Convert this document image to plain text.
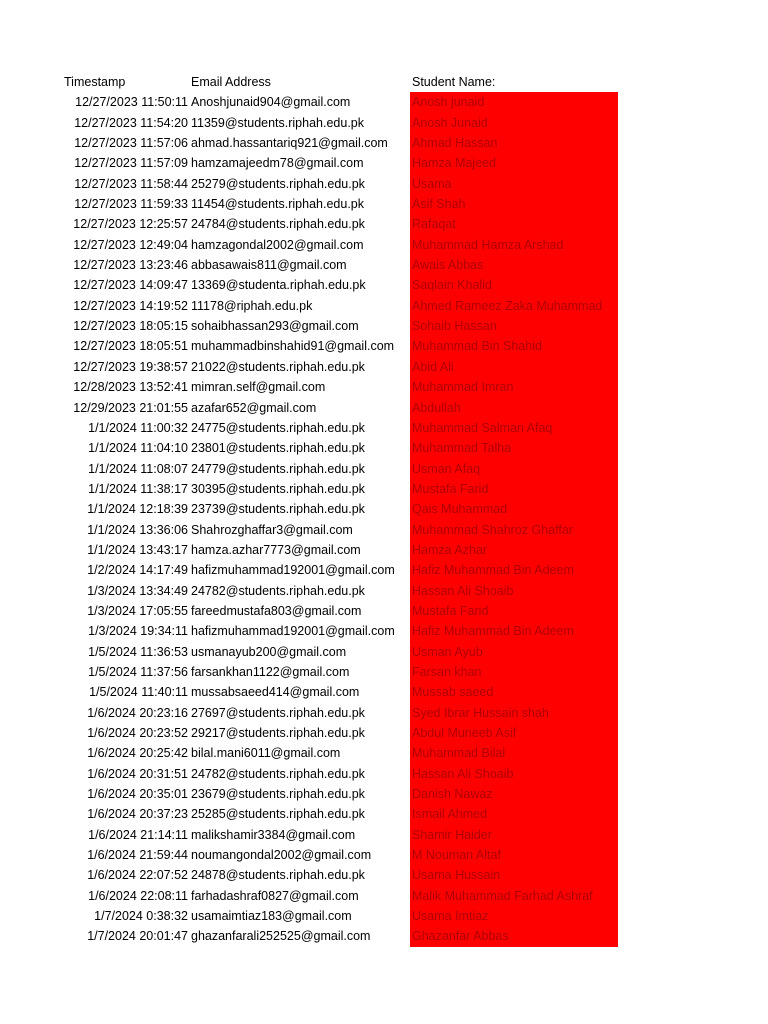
Timestamp	Email Address	Student Name:
12/27/2023 11:50:11 Anoshjunaid904@gmail.com	Anosh junaid
12/27/2023 11:54:20 11359@students.riphah.edu.pk	Anosh Junaid
12/27/2023 11:57:06 ahmad.hassantariq921@gmail.com Ahmad Hassan
12/27/2023 11:57:09 hamzamajeedm78@gmail.com	Hamza Majeed
12/27/2023 11:58:44 25279@students.riphah.edu.pk	Usama
12/27/2023 11:59:33 11454@students.riphah.edu.pk	Asif Shah
12/27/2023 12:25:57 24784@students.riphah.edu.pk	Rafaqat
12/27/2023 12:49:04 hamzagondal2002@gmail.com	Muhammad Hamza Arshad
12/27/2023 13:23:46 abbasawais811@gmail.com	Awais Abbas
12/27/2023 14:09:47 13369@studenta.riphah.edu.pk	Saqlain Khalid
12/27/2023 14:19:52 11178@riphah.edu.pk	Ahmed Rameez Zaka Muhammad
12/27/2023 18:05:15 sohaibhassan293@gmail.com	Sohaib Hassan
12/27/2023 18:05:51 muhammadbinshahid91@gmail.com Muhammad Bin Shahid
12/27/2023 19:38:57 21022@students.riphah.edu.pk	Abid Ali
12/28/2023 13:52:41 mimran.self@gmail.com	Muhammad Imran
12/29/2023 21:01:55 azafar652@gmail.com	Abdullah
1/1/2024 11:00:32 24775@students.riphah.edu.pk	Muhammad Salman Afaq
1/1/2024 11:04:10 23801@students.riphah.edu.pk	Muhammad Talha
1/1/2024 11:08:07 24779@students.riphah.edu.pk	Usman Afaq
1/1/2024 11:38:17 30395@students.riphah.edu.pk	Mustafa Farid
1/1/2024 12:18:39 23739@students.riphah.edu.pk	Qais Muhammad
1/1/2024 13:36:06 Shahrozghaffar3@gmail.com	Muhammad Shahroz Ghaffar
1/1/2024 13:43:17 hamza.azhar7773@gmail.com	Hamza Azhar
1/2/2024 14:17:49 hafizmuhammad192001@gmail.com Hafiz Muhammad Bin Adeem
1/3/2024 13:34:49 24782@students.riphah.edu.pk	Hassan Ali Shoaib
1/3/2024 17:05:55 fareedmustafa803@gmail.com	Mustafa Farid
1/3/2024 19:34:11 hafizmuhammad192001@gmail.com Hafiz Muhammad Bin Adeem
1/5/2024 11:36:53 usmanayub200@gmail.com	Usman Ayub
1/5/2024 11:37:56 farsankhan1122@gmail.com	Farsan khan
1/5/2024 11:40:11 mussabsaeed414@gmail.com	Mussab saeed
1/6/2024 20:23:16 27697@students.riphah.edu.pk	Syed Ibrar Hussain shah
1/6/2024 20:23:52 29217@students.riphah.edu.pk	Abdul Muneeb Asif
1/6/2024 20:25:42 bilal.mani6011@gmail.com	Muhammad Bilal
1/6/2024 20:31:51 24782@students.riphah.edu.pk	Hassan Ali Shoaib
1/6/2024 20:35:01 23679@students.riphah.edu.pk	Danish Nawaz
1/6/2024 20:37:23 25285@students.riphah.edu.pk	Ismail Ahmed
1/6/2024 21:14:11 malikshamir3384@gmail.com	Shamir Haider
1/6/2024 21:59:44 noumangondal2002@gmail.com	M Nouman Altaf
1/6/2024 22:07:52 24878@students.riphah.edu.pk	Usama Hussain
1/6/2024 22:08:11 farhadashraf0827@gmail.com	Malik Muhammad Farhad Ashraf
1/7/2024 0:38:32 usamaimtiaz183@gmail.com	Usama Imtiaz
1/7/2024 20:01:47 ghazanfarali252525@gmail.com	Ghazanfar Abbas
